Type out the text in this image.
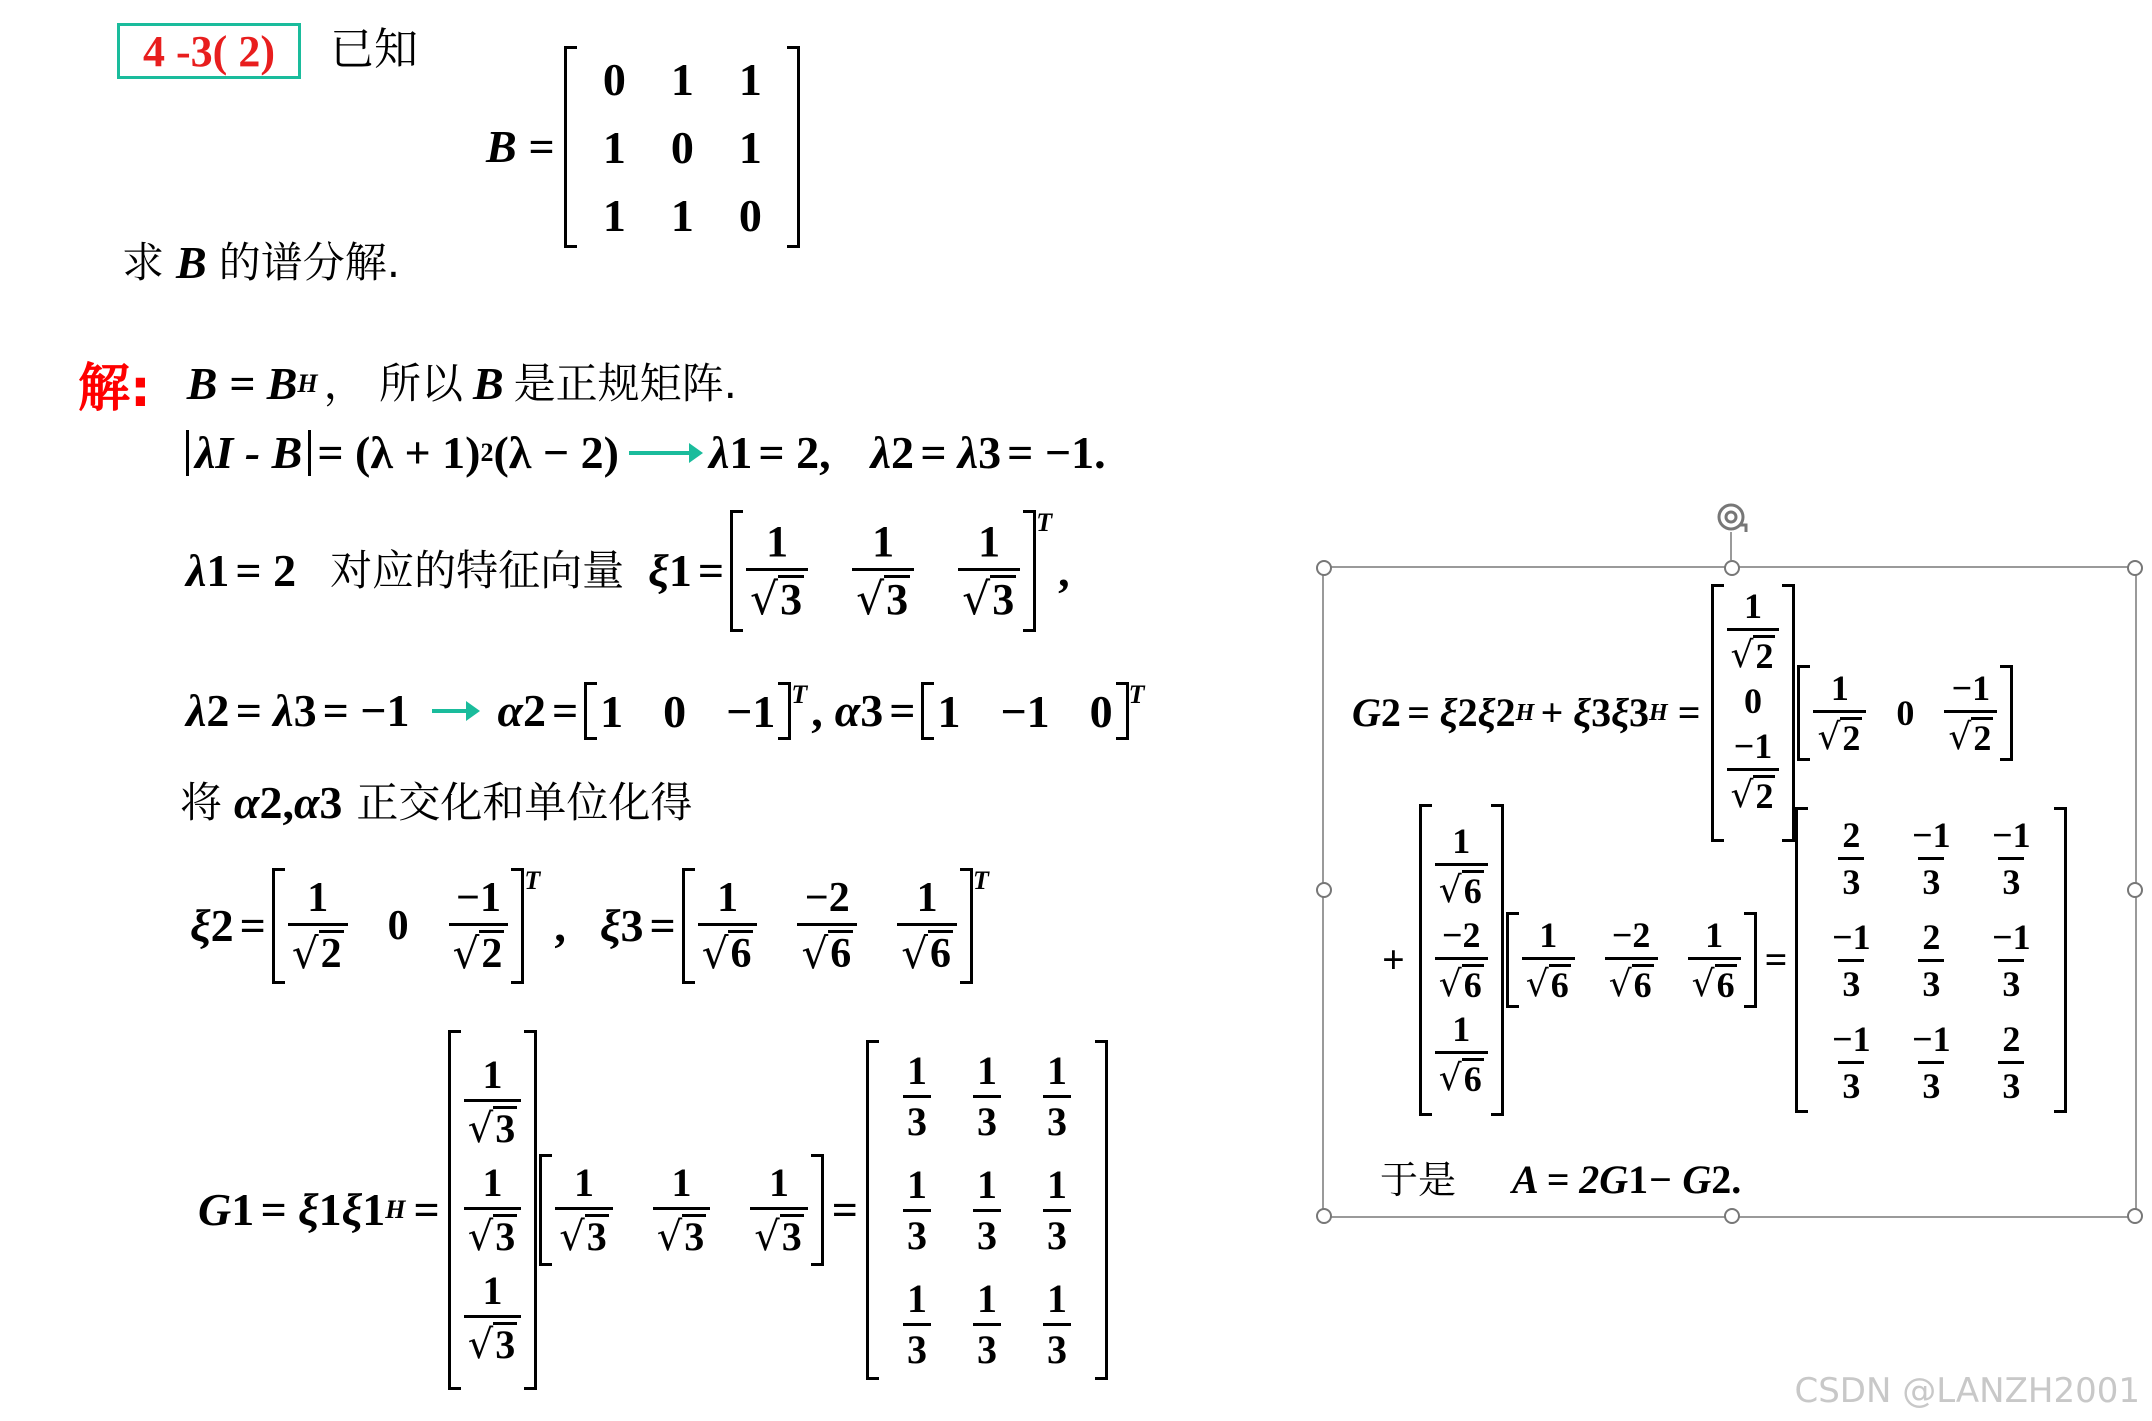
4 -3( 2)	已知
B =
0 1 1
1 0 1
1 1 0
求 B 的谱分解.
解: B = B H ， 所以 B 是正规矩阵.
λI - B = (λ + 1) 2 (λ − 2) λ 1 = 2, λ 2 = λ 3 = −1.
λ 1 = 2 对应的特征向量 ξ $1 = \frac{1}{√ 3} \frac{1}{√ 3} \frac{1}{√ 3}$ T
,
λ 2 = λ 3 = −1 α 2 = 1 0 −1 T , α 3 = 1 −1 0 T
将 α 2 , α 3 正交化和单位化得
ξ $2 = \frac{1}{√ 2} 0 \frac{-1}{√ 2}$ T
, ξ $3 = \frac{1}{√ 6} \frac{-2}{√ 6} \frac{1}{√ 6}$ T
G 1 = ξ 1 ξ 1 H =
$\frac{1}{√ 3}$
$\frac{1}{√ 3}$
$\frac{1}{√ 3}$
$\frac{1}{√ 3} \frac{1}{√ 3} \frac{1}{√ 3}$ =
$\frac{1}{3} \frac{1}{3} \frac{1}{3}$
$\frac{1}{3} \frac{1}{3} \frac{1}{3}$
$\frac{1}{3} \frac{1}{3} \frac{1}{3}$
G 2 = ξ 2 ξ 2 H + ξ 3 ξ 3 H =
$\frac{1}{√ 2}$
0
$\frac{-1}{√ 2}$
$\frac{1}{√ 2} 0 \frac{-1}{√ 2}$
+
$\frac{1}{√ 6}$
$\frac{-2}{√ 6}$
$\frac{1}{√ 6}$
$\frac{1}{√ 6} \frac{-2}{√ 6} \frac{1}{√ 6}$ =
$\frac{2}{3} \frac{-1}{3} \frac{-1}{3}$
$\frac{-1}{3} \frac{2}{3} \frac{-1}{3}$
$\frac{-1}{3} \frac{-1}{3} \frac{2}{3}$
于是 A = 2G 1 − G 2 .
CSDN @LANZH2001
